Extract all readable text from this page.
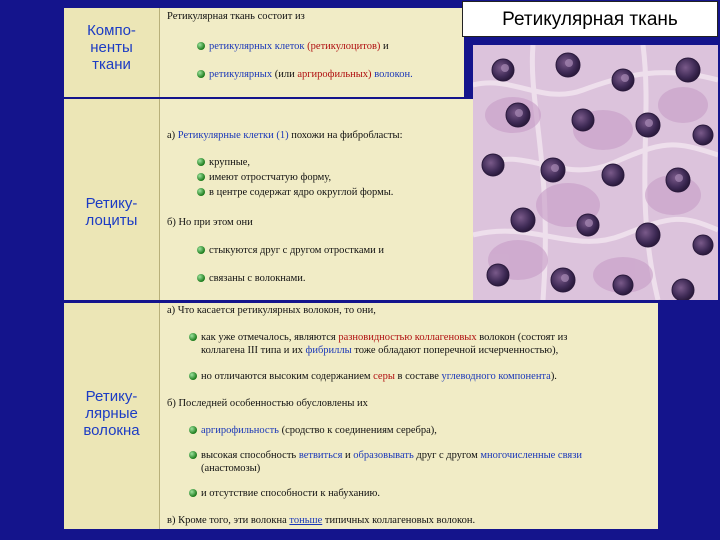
Компо-
ненты
ткани
Ретикулярная ткань состоит из
ретикулярных клеток (ретикулоцитов) и
ретикулярных (или аргирофильных) волокон.
Ретику-
лоциты
а) Ретикулярные клетки (1) похожи на фибробласты:
крупные,
имеют отростчатую форму,
в центре содержат ядро округлой формы.
б) Но при этом они
стыкуются друг с другом отростками и
связаны с волокнами.
Ретику-
лярные
волокна
а) Что касается ретикулярных волокон, то они,
как уже отмечалось, являются разновидностью коллагеновых волокон (состоят из
коллагена III типа и их фибриллы тоже обладают поперечной исчерченностью),
но отличаются высоким содержанием серы в составе углеводного компонента).
б) Последней особенностью обусловлены их
аргирофильность (сродство к соединениям серебра),
высокая способность ветвиться и образовывать друг с другом многочисленные связи
(анастомозы)
и отсутствие способности к набуханию.
в) Кроме того, эти волокна тоньше типичных коллагеновых волокон.
Ретикулярная ткань
